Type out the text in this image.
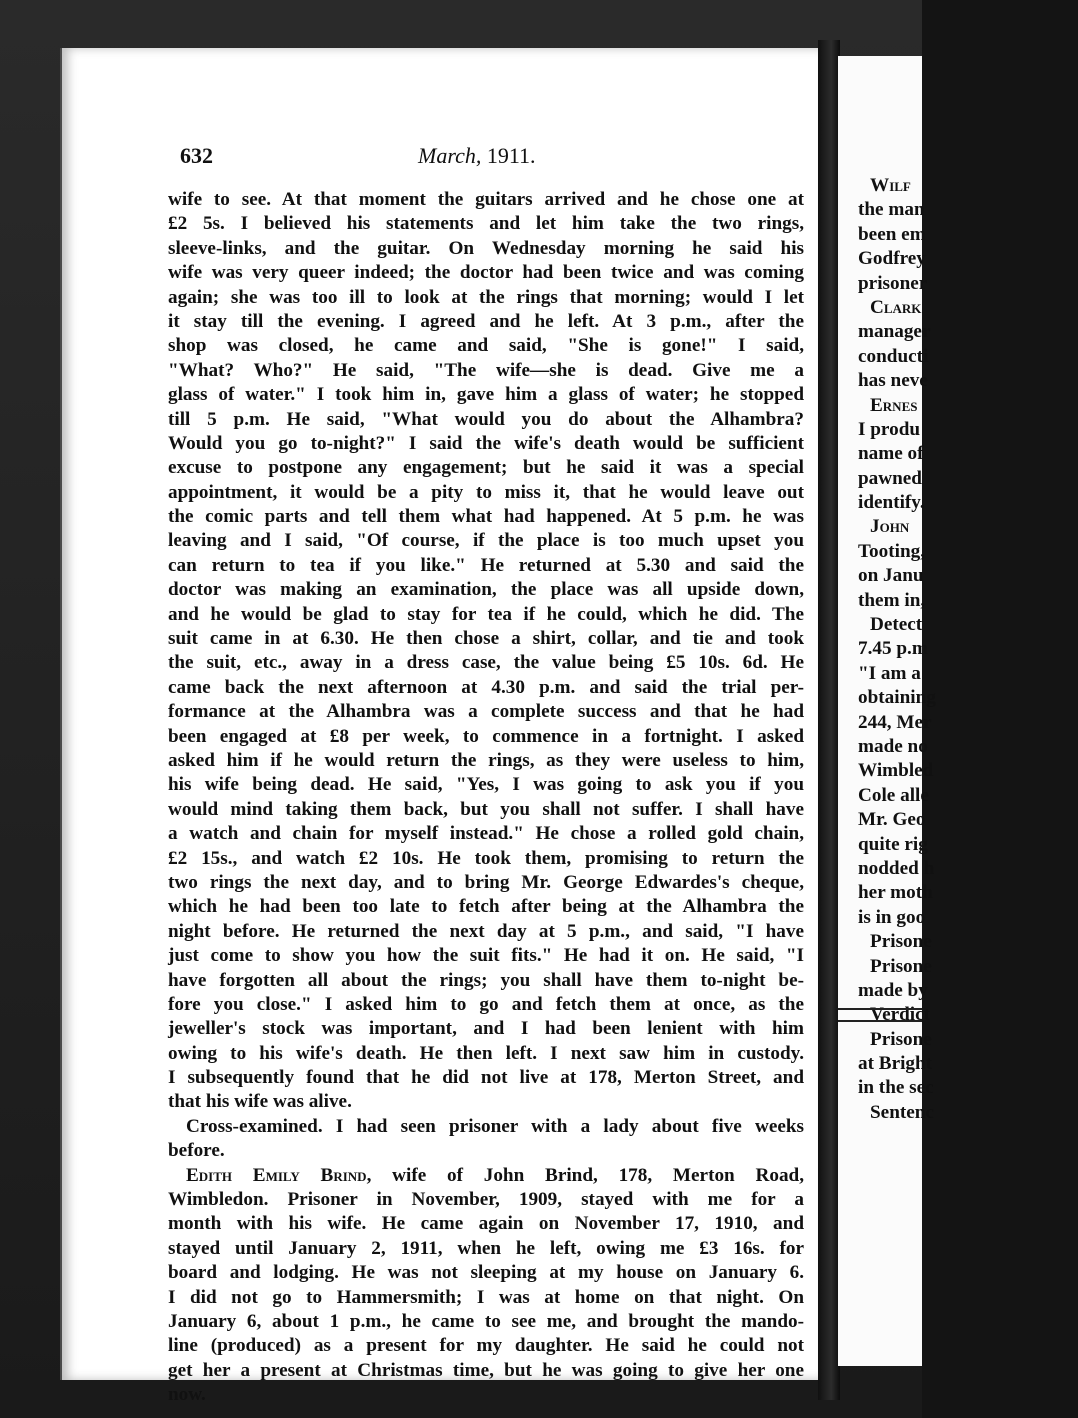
Wilf
the man
been em
Godfrey
prisoner
Clark
manager
conducti
has neve
Ernes
I produ
name of
pawned
identify.
John
Tooting,
on Janu
them in,
Detect
7.45 p.m
"I am a
obtaining
244, Mer
made no
Wimbled
Cole alle
Mr. Geo
quite rig
nodded h
her moth
is in goo
Prisone
Prisone
made by
Verdict
Prisone
at Bright
in the sec
Sentenc
632	March, 1911.
wife to see. At that moment the guitars arrived and he chose one at
£2 5s. I believed his statements and let him take the two rings,
sleeve-links, and the guitar. On Wednesday morning he said his
wife was very queer indeed; the doctor had been twice and was coming
again; she was too ill to look at the rings that morning; would I let
it stay till the evening. I agreed and he left. At 3 p.m., after the
shop was closed, he came and said, "She is gone!" I said,
"What? Who?" He said, "The wife—she is dead. Give me a
glass of water." I took him in, gave him a glass of water; he stopped
till 5 p.m. He said, "What would you do about the Alhambra?
Would you go to-night?" I said the wife's death would be sufficient
excuse to postpone any engagement; but he said it was a special
appointment, it would be a pity to miss it, that he would leave out
the comic parts and tell them what had happened. At 5 p.m. he was
leaving and I said, "Of course, if the place is too much upset you
can return to tea if you like." He returned at 5.30 and said the
doctor was making an examination, the place was all upside down,
and he would be glad to stay for tea if he could, which he did. The
suit came in at 6.30. He then chose a shirt, collar, and tie and took
the suit, etc., away in a dress case, the value being £5 10s. 6d. He
came back the next afternoon at 4.30 p.m. and said the trial per-
formance at the Alhambra was a complete success and that he had
been engaged at £8 per week, to commence in a fortnight. I asked
asked him if he would return the rings, as they were useless to him,
his wife being dead. He said, "Yes, I was going to ask you if you
would mind taking them back, but you shall not suffer. I shall have
a watch and chain for myself instead." He chose a rolled gold chain,
£2 15s., and watch £2 10s. He took them, promising to return the
two rings the next day, and to bring Mr. George Edwardes's cheque,
which he had been too late to fetch after being at the Alhambra the
night before. He returned the next day at 5 p.m., and said, "I have
just come to show you how the suit fits." He had it on. He said, "I
have forgotten all about the rings; you shall have them to-night be-
fore you close." I asked him to go and fetch them at once, as the
jeweller's stock was important, and I had been lenient with him
owing to his wife's death. He then left. I next saw him in custody.
I subsequently found that he did not live at 178, Merton Street, and
that his wife was alive.
Cross-examined. I had seen prisoner with a lady about five weeks
before.
Edith Emily Brind, wife of John Brind, 178, Merton Road,
Wimbledon. Prisoner in November, 1909, stayed with me for a
month with his wife. He came again on November 17, 1910, and
stayed until January 2, 1911, when he left, owing me £3 16s. for
board and lodging. He was not sleeping at my house on January 6.
I did not go to Hammersmith; I was at home on that night. On
January 6, about 1 p.m., he came to see me, and brought the mando-
line (produced) as a present for my daughter. He said he could not
get her a present at Christmas time, but he was going to give her one
now.
